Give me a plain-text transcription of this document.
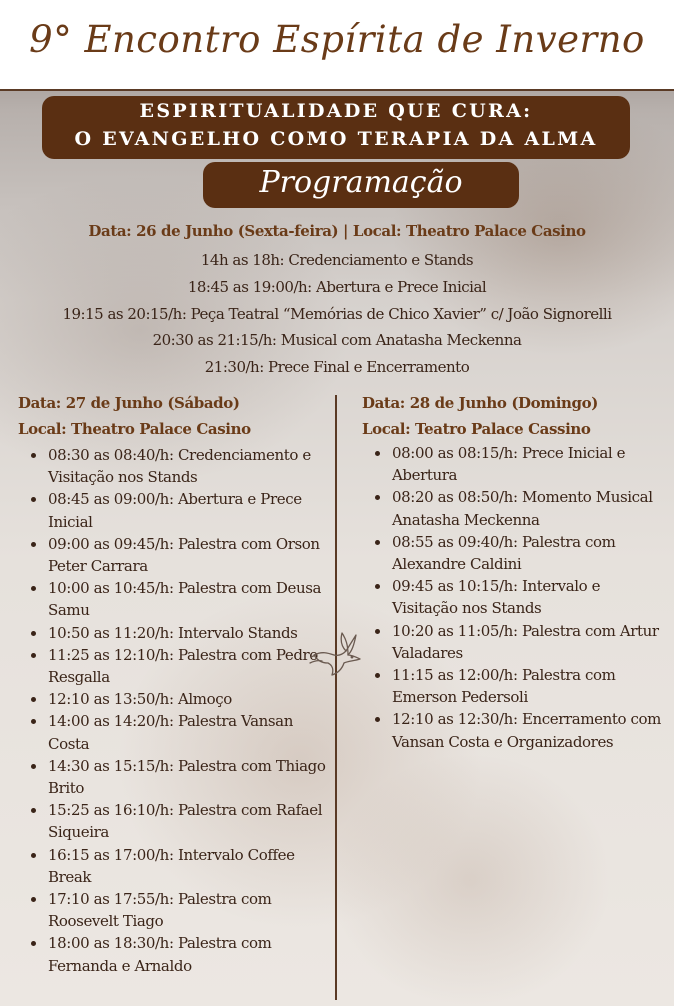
9° Encontro Espírita de Inverno
ESPIRITUALIDADE QUE CURA:
O EVANGELHO COMO TERAPIA DA ALMA
Programação
Data: 26 de Junho (Sexta-feira) | Local: Theatro Palace Casino
14h as 18h: Credenciamento e Stands
18:45 as 19:00/h: Abertura e Prece Inicial
19:15 as 20:15/h: Peça Teatral “Memórias de Chico Xavier” c/ João Signorelli
20:30 as 21:15/h: Musical com Anatasha Meckenna
21:30/h: Prece Final e Encerramento
Data: 27 de Junho (Sábado)
Local: Theatro Palace Casino
08:30 as 08:40/h: Credenciamento e Visitação nos Stands
08:45 as 09:00/h: Abertura e Prece Inicial
09:00 as 09:45/h: Palestra com Orson Peter Carrara
10:00 as 10:45/h: Palestra com Deusa Samu
10:50 as 11:20/h: Intervalo Stands
11:25 as 12:10/h: Palestra com Pedro Resgalla
12:10 as 13:50/h: Almoço
14:00 as 14:20/h: Palestra Vansan Costa
14:30 as 15:15/h: Palestra com Thiago Brito
15:25 as 16:10/h: Palestra com Rafael Siqueira
16:15 as 17:00/h: Intervalo Coffee Break
17:10 as 17:55/h: Palestra com Roosevelt Tiago
18:00 as 18:30/h: Palestra com Fernanda e Arnaldo
Data: 28 de Junho (Domingo)
Local: Teatro Palace Cassino
08:00 as 08:15/h: Prece Inicial e Abertura
08:20 as 08:50/h: Momento Musical Anatasha Meckenna
08:55 as 09:40/h: Palestra com Alexandre Caldini
09:45 as 10:15/h: Intervalo e Visitação nos Stands
10:20 as 11:05/h: Palestra com Artur Valadares
11:15 as 12:00/h: Palestra com Emerson Pedersoli
12:10 as 12:30/h: Encerramento com Vansan Costa e Organizadores
